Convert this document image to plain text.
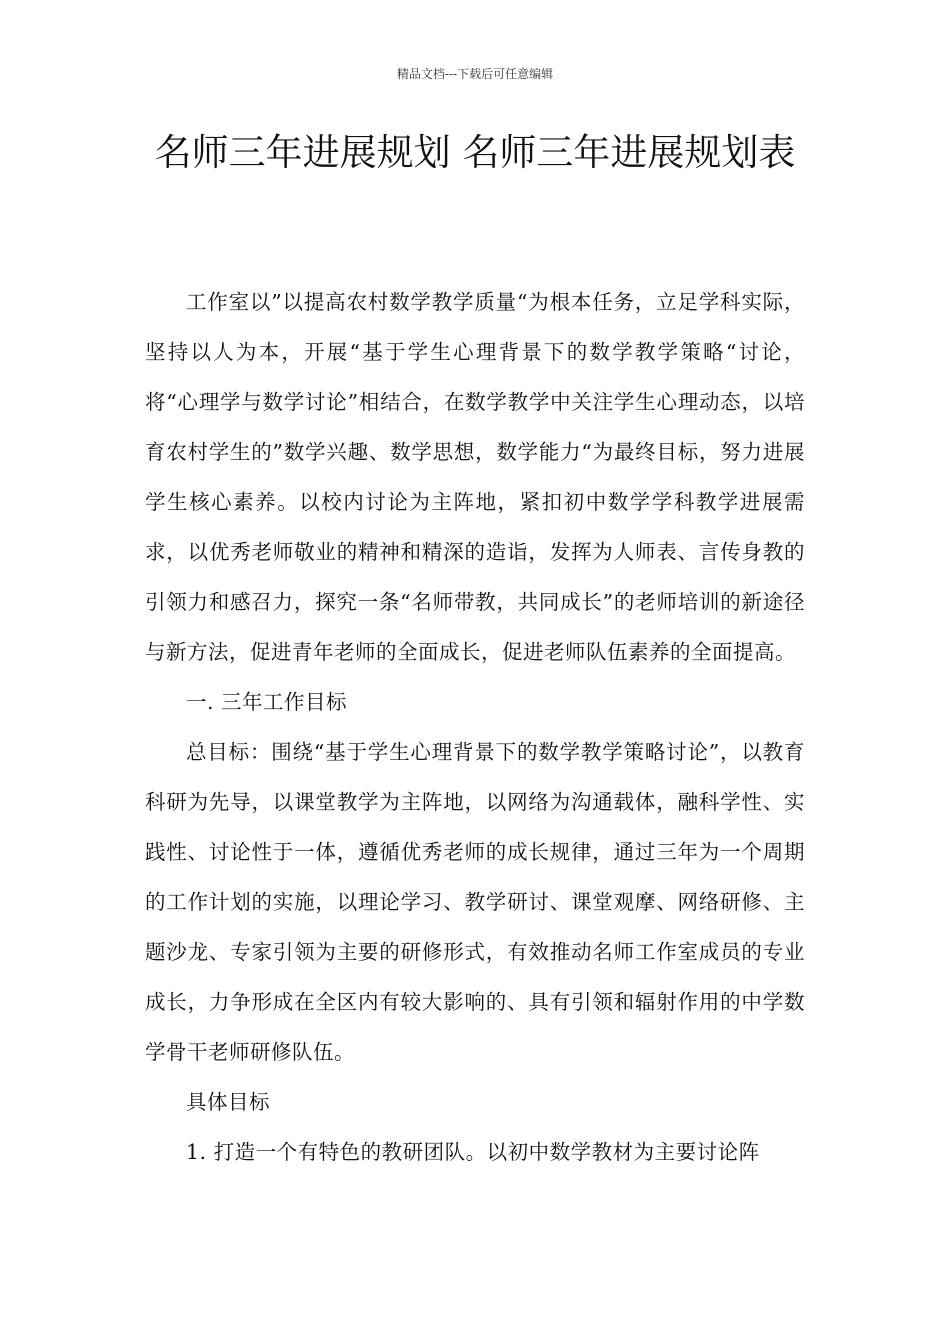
精品文档---下载后可任意编辑
名师三年进展规划 名师三年进展规划表

工作室以”以提高农村数学教学质量“为根本任务，立足学科实际，坚持以人为本，开展“基于学生心理背景下的数学教学策略“讨论，将“心理学与数学讨论”相结合，在数学教学中关注学生心理动态，以培育农村学生的”数学兴趣、数学思想，数学能力“为最终目标，努力进展学生核心素养。以校内讨论为主阵地，紧扣初中数学学科教学进展需求，以优秀老师敬业的精神和精深的造诣，发挥为人师表、言传身教的引领力和感召力，探究一条“名师带教，共同成长”的老师培训的新途径与新方法，促进青年老师的全面成长，促进老师队伍素养的全面提高。

一. 三年工作目标

总目标：围绕“基于学生心理背景下的数学教学策略讨论”，以教育科研为先导，以课堂教学为主阵地，以网络为沟通载体，融科学性、实践性、讨论性于一体，遵循优秀老师的成长规律，通过三年为一个周期的工作计划的实施，以理论学习、教学研讨、课堂观摩、网络研修、主题沙龙、专家引领为主要的研修形式，有效推动名师工作室成员的专业成长，力争形成在全区内有较大影响的、具有引领和辐射作用的中学数学骨干老师研修队伍。

具体目标

1. 打造一个有特色的教研团队。以初中数学教材为主要讨论阵
